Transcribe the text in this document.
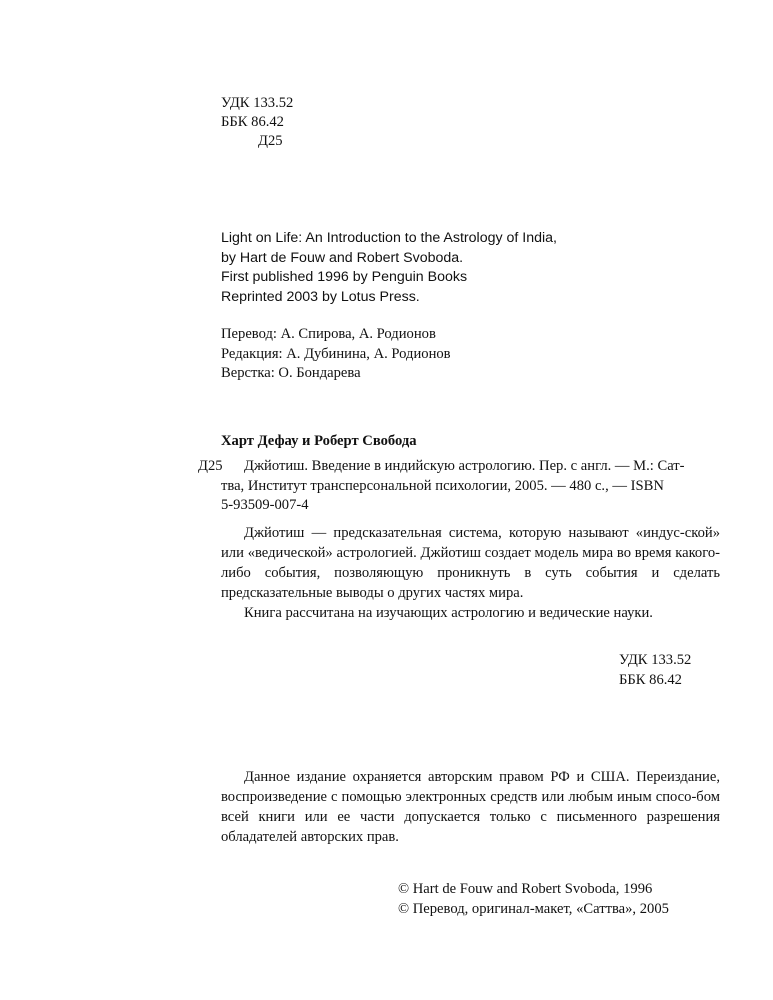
УДК 133.52
ББК 86.42
Д25
Light on Life: An Introduction to the Astrology of India,
by Hart de Fouw and Robert Svoboda.
First published 1996 by Penguin Books
Reprinted 2003 by Lotus Press.
Перевод: А. Спирова, А. Родионов
Редакция: А. Дубинина, А. Родионов
Верстка: О. Бондарева
Харт Дефау и Роберт Свобода
Д25 Джйотиш. Введение в индийскую астрологию. Пер. с англ. — М.: Сат-
тва, Институт трансперсональной психологии, 2005. — 480 с., — ISBN
5-93509-007-4

Джйотиш — предсказательная система, которую называют «индус-ской» или «ведической» астрологией. Джйотиш создает модель мира во время какого-либо события, позволяющую проникнуть в суть события и сделать предсказательные выводы о других частях мира.

Книга рассчитана на изучающих астрологию и ведические науки.

УДК 133.52
ББК 86.42

Данное издание охраняется авторским правом РФ и США. Переиздание, воспроизведение с помощью электронных средств или любым иным спосо-бом всей книги или ее части допускается только с письменного разрешения обладателей авторских прав.

© Hart de Fouw and Robert Svoboda, 1996
© Перевод, оригинал-макет, «Саттва», 2005
